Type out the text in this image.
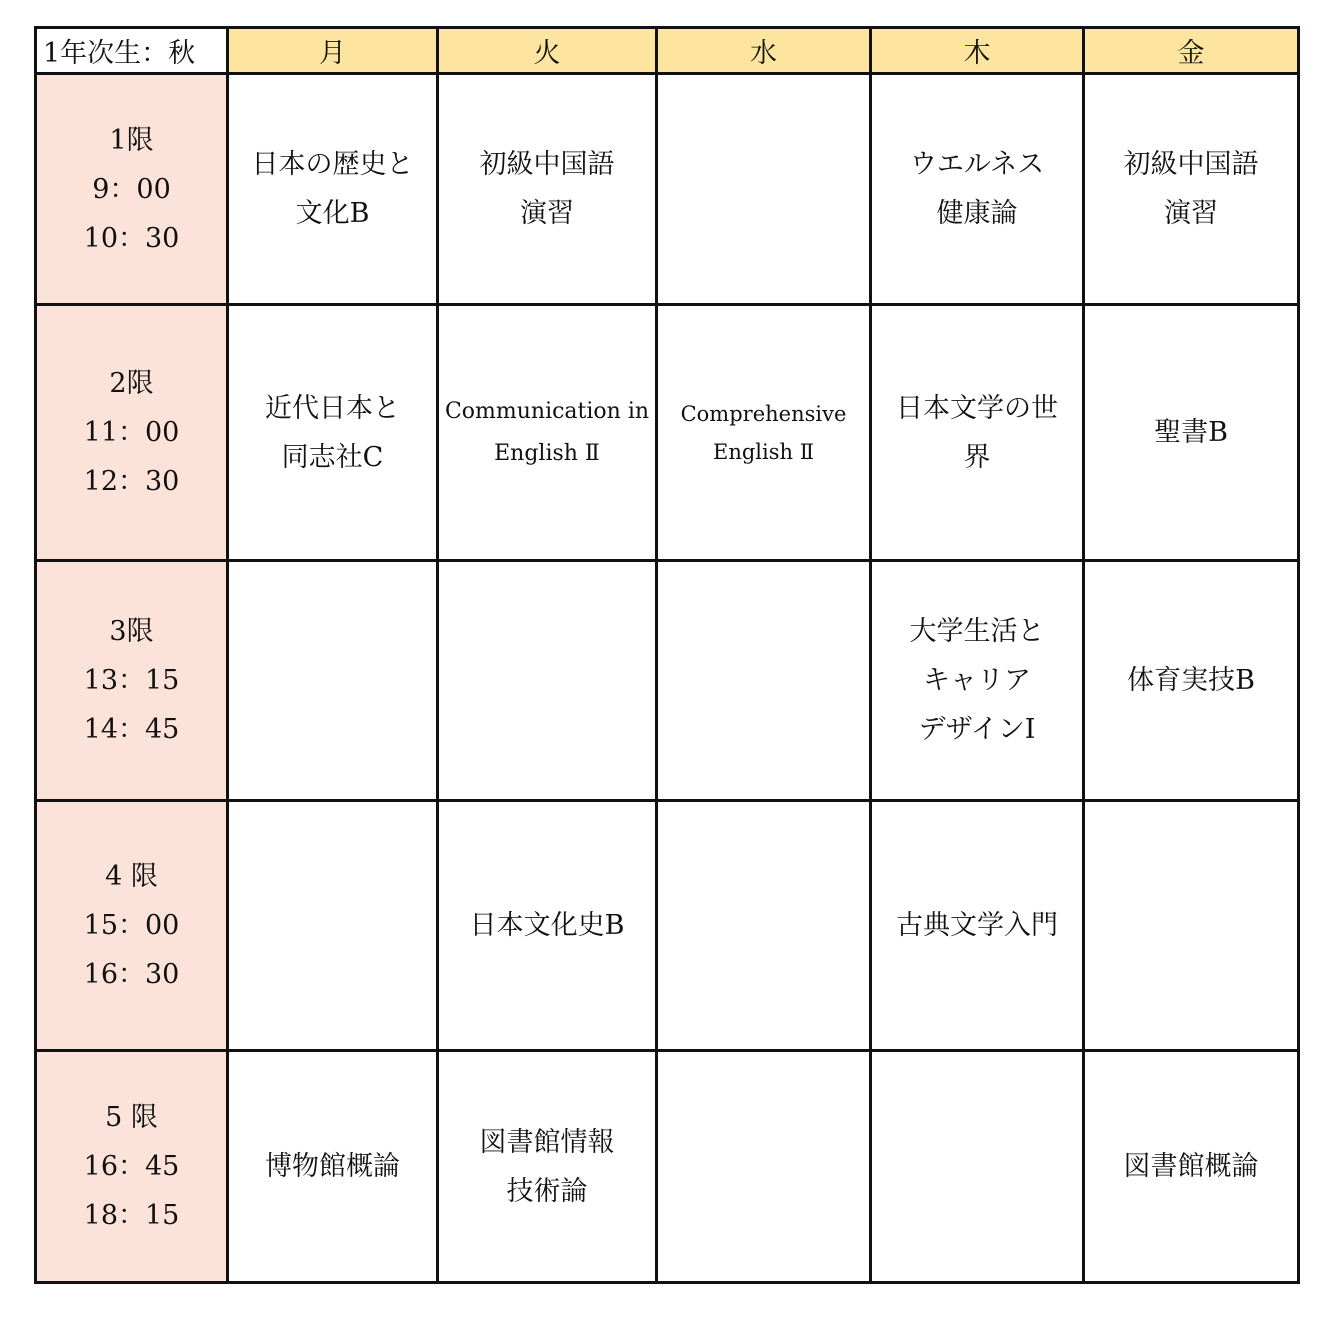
1年次生：秋	月	火	水	木	金

1限
9：00
10：30	日本の歴史と
文化B	初級中国語
演習		ウエルネス
健康論	初級中国語
演習

2限
11：00
12：30	近代日本と
同志社C	Communication in
English Ⅱ	Comprehensive
English Ⅱ	日本文学の世
界	聖書B

3限
13：15
14：45				大学生活と
キャリア
デザインⅠ	体育実技B

4 限
15：00
16：30		日本文化史B		古典文学入門	

5 限
16：45
18：15	博物館概論	図書館情報
技術論			図書館概論
